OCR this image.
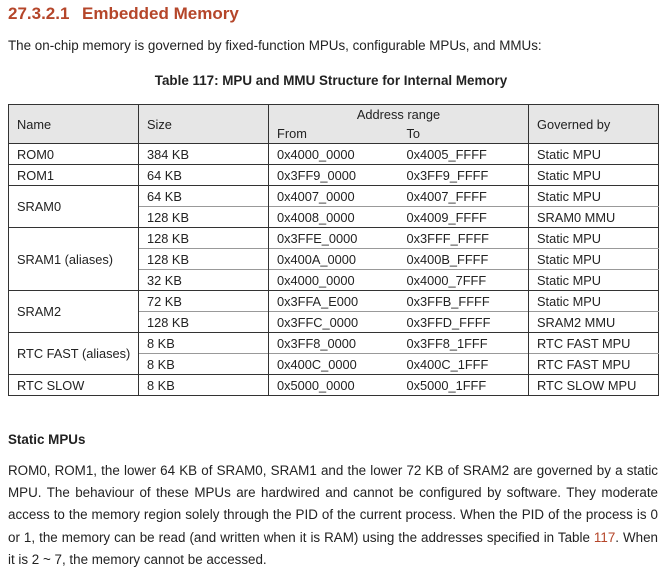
27.3.2.1 Embedded Memory
The on-chip memory is governed by fixed-function MPUs, configurable MPUs, and MMUs:
Table 117: MPU and MMU Structure for Internal Memory
Name	Size	Address range		Governed by
		From	To	
ROM0	384 KB	0x4000_0000	0x4005_FFFF	Static MPU
ROM1	64 KB	0x3FF9_0000	0x3FF9_FFFF	Static MPU
SRAM0	64 KB	0x4007_0000	0x4007_FFFF	Static MPU
	128 KB	0x4008_0000	0x4009_FFFF	SRAM0 MMU
SRAM1 (aliases)	128 KB	0x3FFE_0000	0x3FFF_FFFF	Static MPU
	128 KB	0x400A_0000	0x400B_FFFF	Static MPU
	32 KB	0x4000_0000	0x4000_7FFF	Static MPU
SRAM2	72 KB	0x3FFA_E000	0x3FFB_FFFF	Static MPU
	128 KB	0x3FFC_0000	0x3FFD_FFFF	SRAM2 MMU
RTC FAST (aliases)	8 KB	0x3FF8_0000	0x3FF8_1FFF	RTC FAST MPU
	8 KB	0x400C_0000	0x400C_1FFF	RTC FAST MPU
RTC SLOW	8 KB	0x5000_0000	0x5000_1FFF	RTC SLOW MPU
Static MPUs
ROM0, ROM1, the lower 64 KB of SRAM0, SRAM1 and the lower 72 KB of SRAM2 are governed by a static MPU. The behaviour of these MPUs are hardwired and cannot be configured by software. They moderate access to the memory region solely through the PID of the current process. When the PID of the process is 0 or 1, the memory can be read (and written when it is RAM) using the addresses specified in Table 117. When it is 2 ~ 7, the memory cannot be accessed.
